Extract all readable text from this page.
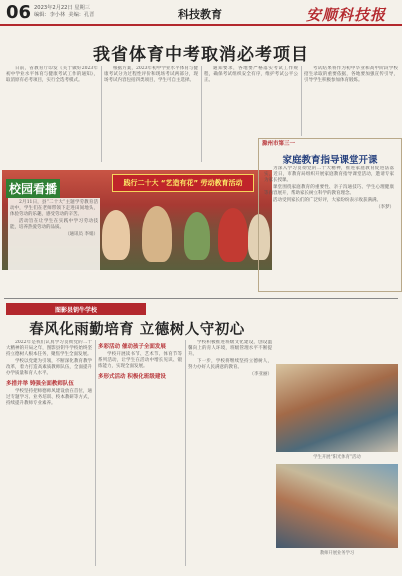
06 2023年2月22日 星期三
编辑：李小林  美编：孔晋	科技教育	安顺科技报
我省体育中考取消必考项目

日前，省教育厅印发《关于做好2023年初中学业水平体育与健康考试工作的通知》，取消原有必考项目，实行全选考模式。

根据方案，2023年初中学业水平体育与健康考试分为过程性评价和现场考试两部分，现场考试内容包括四类项目，学生可自主选择。

通知要求，各地要严格落实考试工作规程，确保考试组织安全有序，维护考试公平公正。

考试结果将作为初中毕业和高中阶段学校招生录取的重要依据，各地要加强宣传引导，引导学生积极参加体育锻炼。

践行二十大 “艺造有花” 劳动教育活动
校园看播

2月11日，县“二十大”主题学劳教育活动中，学生们在老师带领下走进田间地头，体验劳动的乐趣，感受劳动的辛苦。

活动旨在让学生在实践中学习劳动技能，培养热爱劳动的品质。

（通讯员 李娟）
滁州市第三一
家庭教育指导课堂开课

为深入学习贯彻党的二十大精神，推进家庭教育促进法落实，近日，市教育局组织开展家庭教育指导课堂活动，邀请专家为家长授课。

课堂围绕家庭教育的重要性、亲子沟通技巧、学生心理健康等内容展开，帮助家长树立科学的教育理念。

活动受到家长们的广泛好评，大家纷纷表示收获满满。

（李梦）
图影县钥牛学校
春风化雨勤培育 立德树人守初心

2022年是我们认真学习贯彻党的二十大精神的开局之年，图影县钥牛学校始终坚持立德树人根本任务，聚焦学生全面发展。

学校以党建为引领，不断深化教育教学改革，着力打造高素质教师队伍，全面提升办学质量和育人水平。

多措并举 铸强全面教师队伍

学校坚持把师德师风建设放在首位，通过专题学习、业务培训、校本教研等方式，持续提升教师专业素养。

多彩活动 催动孩子全面发展

学校开展读书节、艺术节、体育节等系列活动，让学生在活动中增长见识、锻炼能力，实现全面发展。

多形式活动 积极化班级建设

学校积极推进班级文化建设，创设温馨向上的育人环境，班级管理水平不断提升。

下一步，学校将继续坚持立德树人，努力办好人民满意的教育。

（李亚丽）
学生开展“阳光体育”活动
教师开展业务学习
